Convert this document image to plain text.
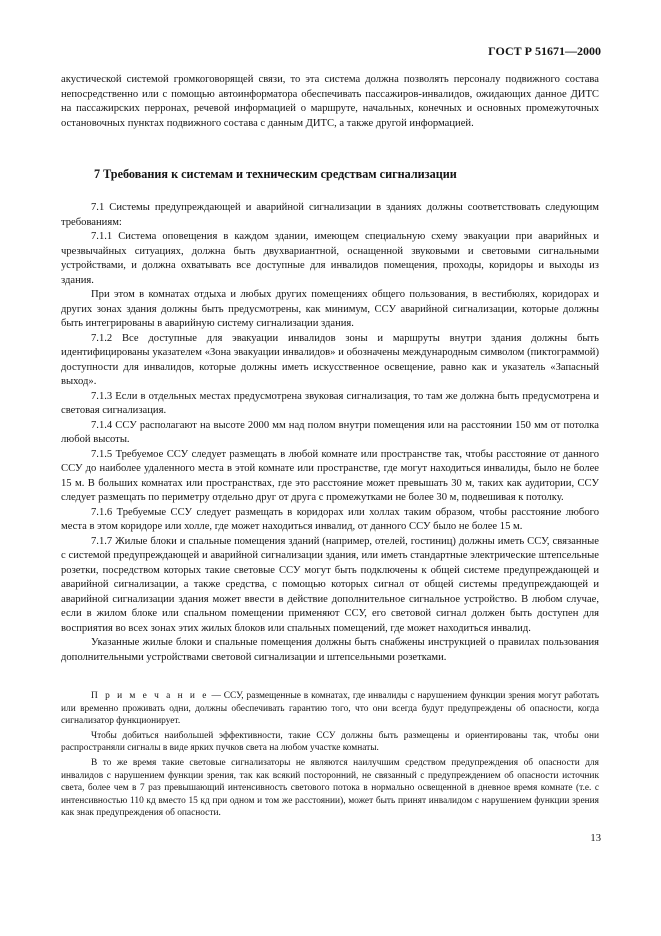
ГОСТ Р 51671—2000

акустической системой громкоговорящей связи, то эта система должна позволять персоналу подвижного состава непосредственно или с помощью автоинформатора обеспечивать пассажиров-инвалидов, ожидающих данное ДИТС на пассажирских перронах, речевой информацией о маршруте, начальных, конечных и основных промежуточных остановочных пунктах подвижного состава с данным ДИТС, а также другой информацией.

7 Требования к системам и техническим средствам сигнализации

7.1 Системы предупреждающей и аварийной сигнализации в зданиях должны соответствовать следующим требованиям:

7.1.1 Система оповещения в каждом здании, имеющем специальную схему эвакуации при аварийных и чрезвычайных ситуациях, должна быть двухвариантной, оснащенной звуковыми и световыми сигнальными устройствами, и должна охватывать все доступные для инвалидов помещения, проходы, коридоры и выходы из здания.

При этом в комнатах отдыха и любых других помещениях общего пользования, в вестибюлях, коридорах и других зонах здания должны быть предусмотрены, как минимум, ССУ аварийной сигнализации, которые должны быть интегрированы в аварийную систему сигнализации здания.

7.1.2 Все доступные для эвакуации инвалидов зоны и маршруты внутри здания должны быть идентифицированы указателем «Зона эвакуации инвалидов» и обозначены международным символом (пиктограммой) доступности для инвалидов, которые должны иметь искусственное освещение, равно как и указатель «Запасный выход».

7.1.3 Если в отдельных местах предусмотрена звуковая сигнализация, то там же должна быть предусмотрена и световая сигнализация.

7.1.4 ССУ располагают на высоте 2000 мм над полом внутри помещения или на расстоянии 150 мм от потолка любой высоты.

7.1.5 Требуемое ССУ следует размещать в любой комнате или пространстве так, чтобы расстояние от данного ССУ до наиболее удаленного места в этой комнате или пространстве, где могут находиться инвалиды, было не более 15 м. В больших комнатах или пространствах, где это расстояние может превышать 30 м, таких как аудитории, ССУ следует размещать по периметру отдельно друг от друга с промежутками не более 30 м, подвешивая к потолку.

7.1.6 Требуемые ССУ следует размещать в коридорах или холлах таким образом, чтобы расстояние любого места в этом коридоре или холле, где может находиться инвалид, от данного ССУ было не более 15 м.

7.1.7 Жилые блоки и спальные помещения зданий (например, отелей, гостиниц) должны иметь ССУ, связанные с системой предупреждающей и аварийной сигнализации здания, или иметь стандартные электрические штепсельные розетки, посредством которых такие световые ССУ могут быть подключены к общей системе предупреждающей и аварийной сигнализации, а также средства, с помощью которых сигнал от общей системы предупреждающей и аварийной сигнализации здания может ввести в действие дополнительное сигнальное устройство. В любом случае, если в жилом блоке или спальном помещении применяют ССУ, его световой сигнал должен быть доступен для восприятия во всех зонах этих жилых блоков или спальных помещений, где может находиться инвалид.

Указанные жилые блоки и спальные помещения должны быть снабжены инструкцией о правилах пользования дополнительными устройствами световой сигнализации и штепсельными розетками.

П р и м е ч а н и е — ССУ, размещенные в комнатах, где инвалиды с нарушением функции зрения могут работать или временно проживать одни, должны обеспечивать гарантию того, что они всегда будут предупреждены об опасности, когда сигнализатор функционирует.

Чтобы добиться наибольшей эффективности, такие ССУ должны быть размещены и ориентированы так, чтобы они распространяли сигналы в виде ярких пучков света на любом участке комнаты.

В то же время такие световые сигнализаторы не являются наилучшим средством предупреждения об опасности для инвалидов с нарушением функции зрения, так как всякий посторонний, не связанный с предупреждением об опасности источник света, более чем в 7 раз превышающий интенсивность светового потока в нормально освещенной в дневное время комнате (т.е. с интенсивностью 110 кд вместо 15 кд при одном и том же расстоянии), может быть принят инвалидом с нарушением функции зрения как знак предупреждения об опасности.

13
